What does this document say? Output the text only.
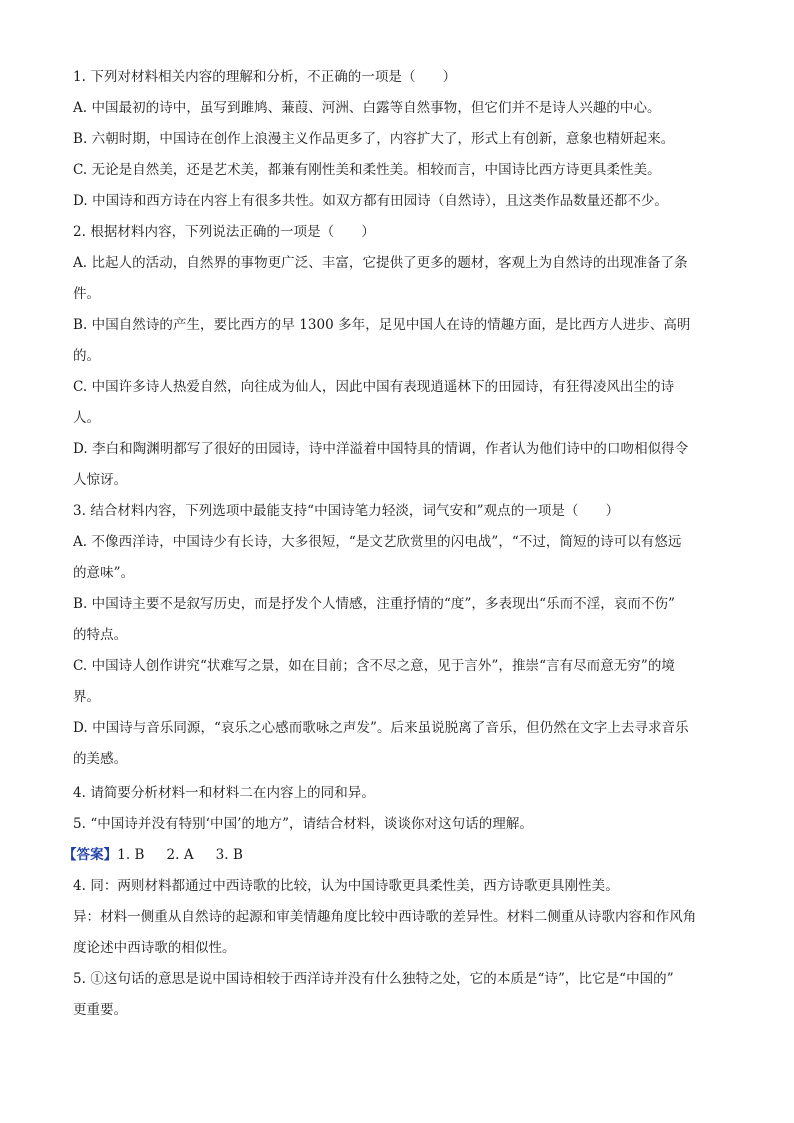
1. 下列对材料相关内容的理解和分析，不正确的一项是（　　）
A. 中国最初的诗中，虽写到雎鸠、蒹葭、河洲、白露等自然事物，但它们并不是诗人兴趣的中心。
B. 六朝时期，中国诗在创作上浪漫主义作品更多了，内容扩大了，形式上有创新，意象也精妍起来。
C. 无论是自然美，还是艺术美，都兼有刚性美和柔性美。相较而言，中国诗比西方诗更具柔性美。
D. 中国诗和西方诗在内容上有很多共性。如双方都有田园诗（自然诗），且这类作品数量还都不少。
2. 根据材料内容，下列说法正确的一项是（　　）
A. 比起人的活动，自然界的事物更广泛、丰富，它提供了更多的题材，客观上为自然诗的出现准备了条
件。
B. 中国自然诗的产生，要比西方的早 1300 多年，足见中国人在诗的情趣方面，是比西方人进步、高明
的。
C. 中国许多诗人热爱自然，向往成为仙人，因此中国有表现逍遥林下的田园诗，有狂得凌风出尘的诗
人。
D. 李白和陶渊明都写了很好的田园诗，诗中洋溢着中国特具的情调，作者认为他们诗中的口吻相似得令
人惊讶。
3. 结合材料内容，下列选项中最能支持“中国诗笔力轻淡，词气安和”观点的一项是（　　）
A. 不像西洋诗，中国诗少有长诗，大多很短，“是文艺欣赏里的闪电战”，“不过，简短的诗可以有悠远
的意味”。
B. 中国诗主要不是叙写历史，而是抒发个人情感，注重抒情的“度”，多表现出“乐而不淫，哀而不伤”
的特点。
C. 中国诗人创作讲究“状难写之景，如在目前；含不尽之意，见于言外”，推崇“言有尽而意无穷”的境
界。
D. 中国诗与音乐同源，“哀乐之心感而歌咏之声发”。后来虽说脱离了音乐，但仍然在文字上去寻求音乐
的美感。
4. 请简要分析材料一和材料二在内容上的同和异。
5. “中国诗并没有特别‘中国’的地方”，请结合材料，谈谈你对这句话的理解。
【答案】1. B 2. A 3. B
4. 同：两则材料都通过中西诗歌的比较，认为中国诗歌更具柔性美，西方诗歌更具刚性美。
异：材料一侧重从自然诗的起源和审美情趣角度比较中西诗歌的差异性。材料二侧重从诗歌内容和作风角
度论述中西诗歌的相似性。
5. ①这句话的意思是说中国诗相较于西洋诗并没有什么独特之处，它的本质是“诗”，比它是“中国的”
更重要。
